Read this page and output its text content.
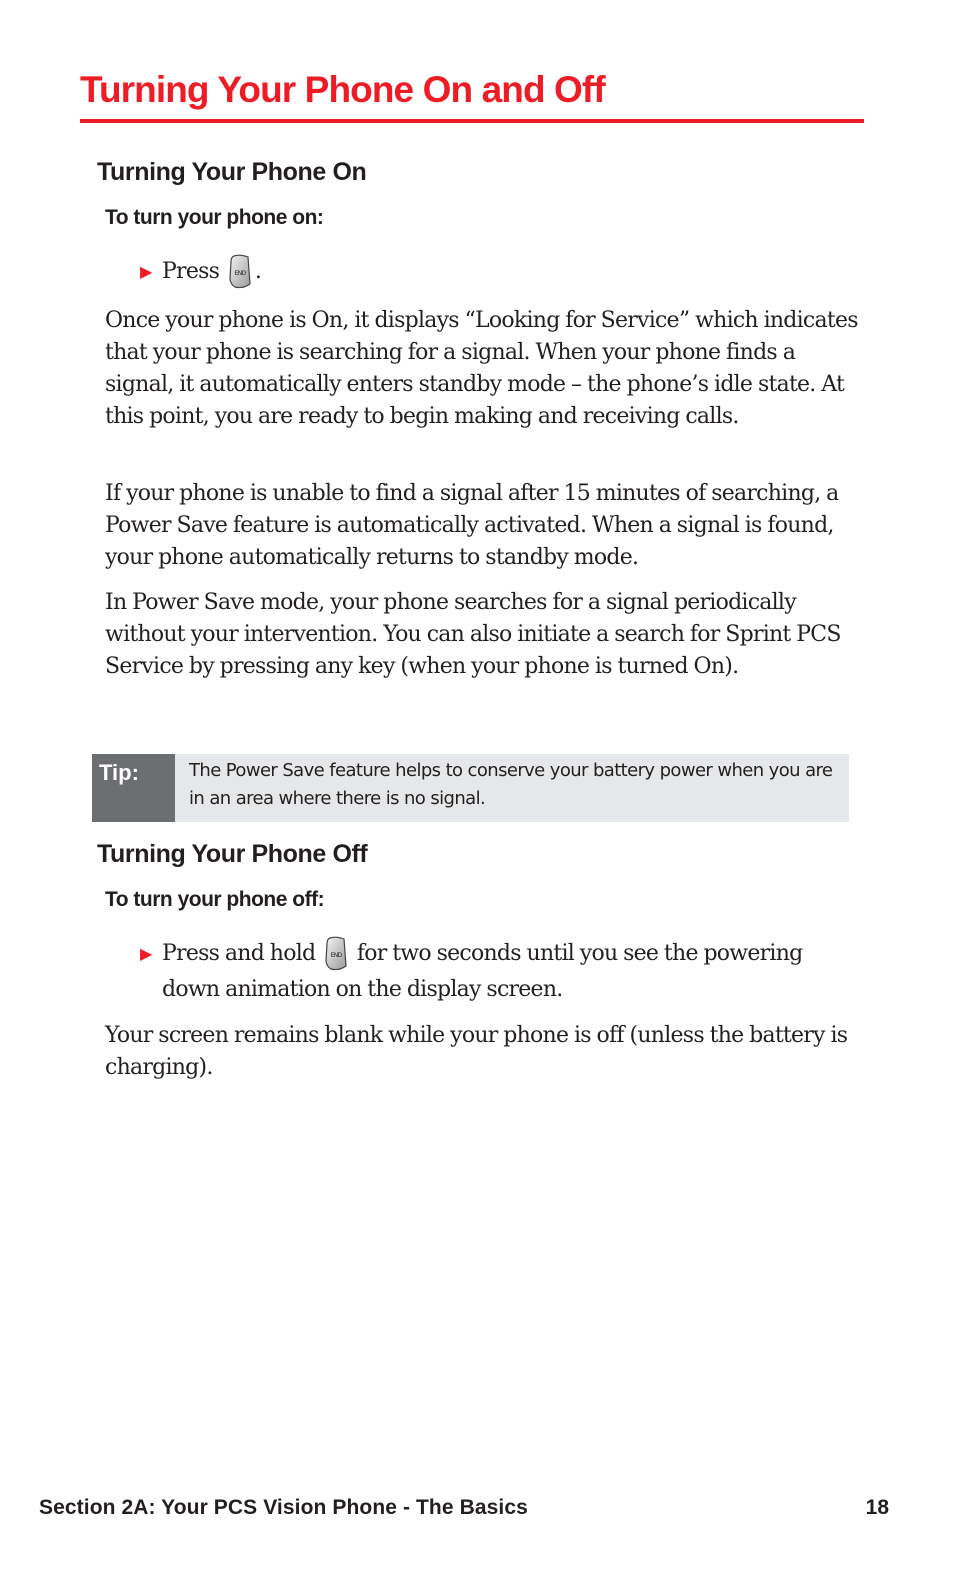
Turning Your Phone On and Off
Turning Your Phone On
To turn your phone on:
▶ Press	END .

Once your phone is On, it displays “Looking for Service” which indicates that your phone is searching for a signal. When your phone finds a signal, it automatically enters standby mode – the phone’s idle state. At this point, you are ready to begin making and receiving calls.

If your phone is unable to find a signal after 15 minutes of searching, a Power Save feature is automatically activated. When a signal is found, your phone automatically returns to standby mode.

In Power Save mode, your phone searches for a signal periodically without your intervention. You can also initiate a search for Sprint PCS Service by pressing any key (when your phone is turned On).

Tip:	The Power Save feature helps to conserve your battery power when you are in an area where there is no signal.
Turning Your Phone Off
To turn your phone off:
▶ Press and hold	END for two seconds until you see the powering
down animation on the display screen.

Your screen remains blank while your phone is off (unless the battery is charging).

Section 2A: Your PCS Vision Phone - The Basics	18
